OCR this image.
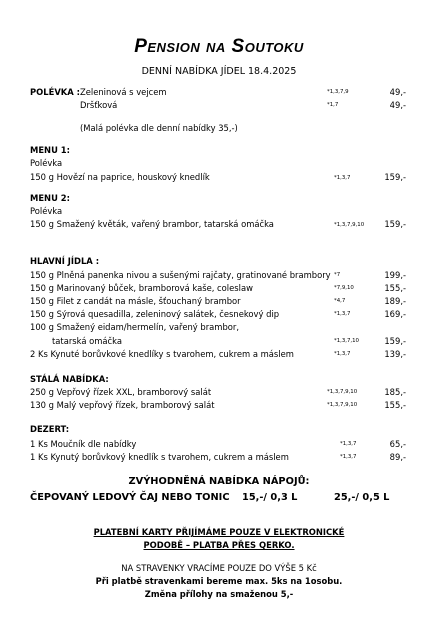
Pension na Soutoku
DENNÍ NABÍDKA JÍDEL 18.4.2025
POLÉVKA : Zeleninová s vejcem	*1,3,7,9	49,-
Dršťková	*1,7	49,-
(Malá polévka dle denní nabídky 35,-)
MENU 1:
Polévka
150 g Hovězí na paprice, houskový knedlík	*1,3,7	159,-
MENU 2:
Polévka
150 g Smažený květák, vařený brambor, tatarská omáčka	*1,3,7,9,10	159,-
HLAVNÍ JÍDLA :
150 g Plněná panenka nivou a sušenými rajčaty, gratinované brambory *7	199,-
150 g Marinovaný bůček, bramborová kaše, coleslaw	*7,9,10	155,-
150 g Filet z candát na másle, šťouchaný brambor	*4,7	189,-
150 g Sýrová quesadilla, zeleninový salátek, česnekový dip	*1,3,7	169,-
100 g Smažený eidam/hermelín, vařený brambor,
tatarská omáčka	*1,3,7,10	159,-
2 Ks Kynuté borůvkové knedlíky s tvarohem, cukrem a máslem	*1,3,7	139,-
STÁLÁ NABÍDKA:
250 g Vepřový řízek XXL, bramborový salát	*1,3,7,9,10	185,-
130 g Malý vepřový řízek, bramborový salát	*1,3,7,9,10	155,-
DEZERT:
1 Ks Moučník dle nabídky	*1,3,7	65,-
1 Ks Kynutý borůvkový knedlík s tvarohem, cukrem a máslem	*1,3,7	89,-
ZVÝHODNĚNÁ NABÍDKA NÁPOJŮ:
ČEPOVANÝ LEDOVÝ ČAJ NEBO TONIC 15,-/ 0,3 L	25,-/ 0,5 L
PLATEBNÍ KARTY PŘIJÍMÁME POUZE V ELEKTRONICKÉ
PODOBĚ – PLATBA PŘES QERKO.
NA STRAVENKY VRACÍME POUZE DO VÝŠE 5 Kč
Při platbě stravenkami bereme max. 5ks na 1osobu.
Změna přílohy na smaženou 5,-
